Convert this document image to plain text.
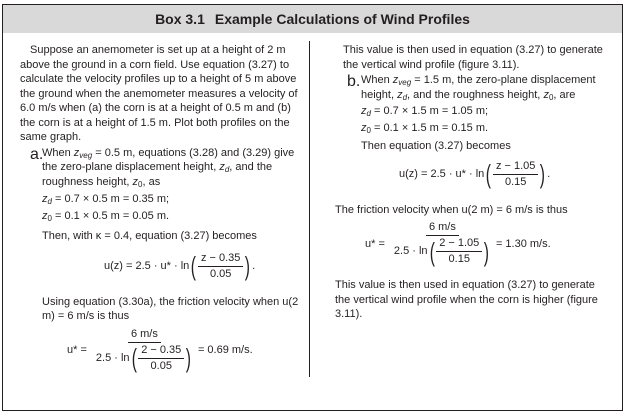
Box 3.1 Example Calculations of Wind Profiles

Suppose an anemometer is set up at a height of 2 m above the ground in a corn field. Use equation (3.27) to calculate the velocity profiles up to a height of 5 m above the ground when the anemometer measures a velocity of 6.0 m/s when (a) the corn is at a height of 0.5 m and (b) the corn is at a height of 1.5 m. Plot both profiles on the same graph.

a.

When $z_{veg} = 0.5$ m, equations (3.28) and (3.29) give the zero-plane displacement height, $z_d$, and the roughness height, $z_0$, as

$z_d = 0.7 \times 0.5$ m = 0.35 m;

$z_0 = 0.1 \times 0.5$ m = 0.05 m.

Then, with κ = 0.4, equation (3.27) becomes

u(z) = 2.5 · u* · ln ( $\frac{z - 0.35}{0.05}$ ) .

Using equation (3.30a), the friction velocity when u(2 m) = 6 m/s is thus

u* =
6 m/s
2.5 · ln ( $\frac{2 - 0.35}{0.05}$ ) = 0.69 m/s.

This value is then used in equation (3.27) to generate the vertical wind profile (figure 3.11).

b. When $z_{veg} = 1.5$ m, the zero-plane displacement height, $z_d$, and the roughness height, $z_0$, are

$z_d = 0.7 \times 1.5$ m = 1.05 m;

$z_0 = 0.1 \times 1.5$ m = 0.15 m.

Then equation (3.27) becomes

u(z) = 2.5 · u* · ln ( $\frac{z - 1.05}{0.15}$ ) .

The friction velocity when u(2 m) = 6 m/s is thus

$u* = \frac{6 m/s}{2.5 \cdot \ln ( \frac{2 - 1.05}{0.15} )} = 1.30$ m/s.

This value is then used in equation (3.27) to generate the vertical wind profile when the corn is higher (figure 3.11).
